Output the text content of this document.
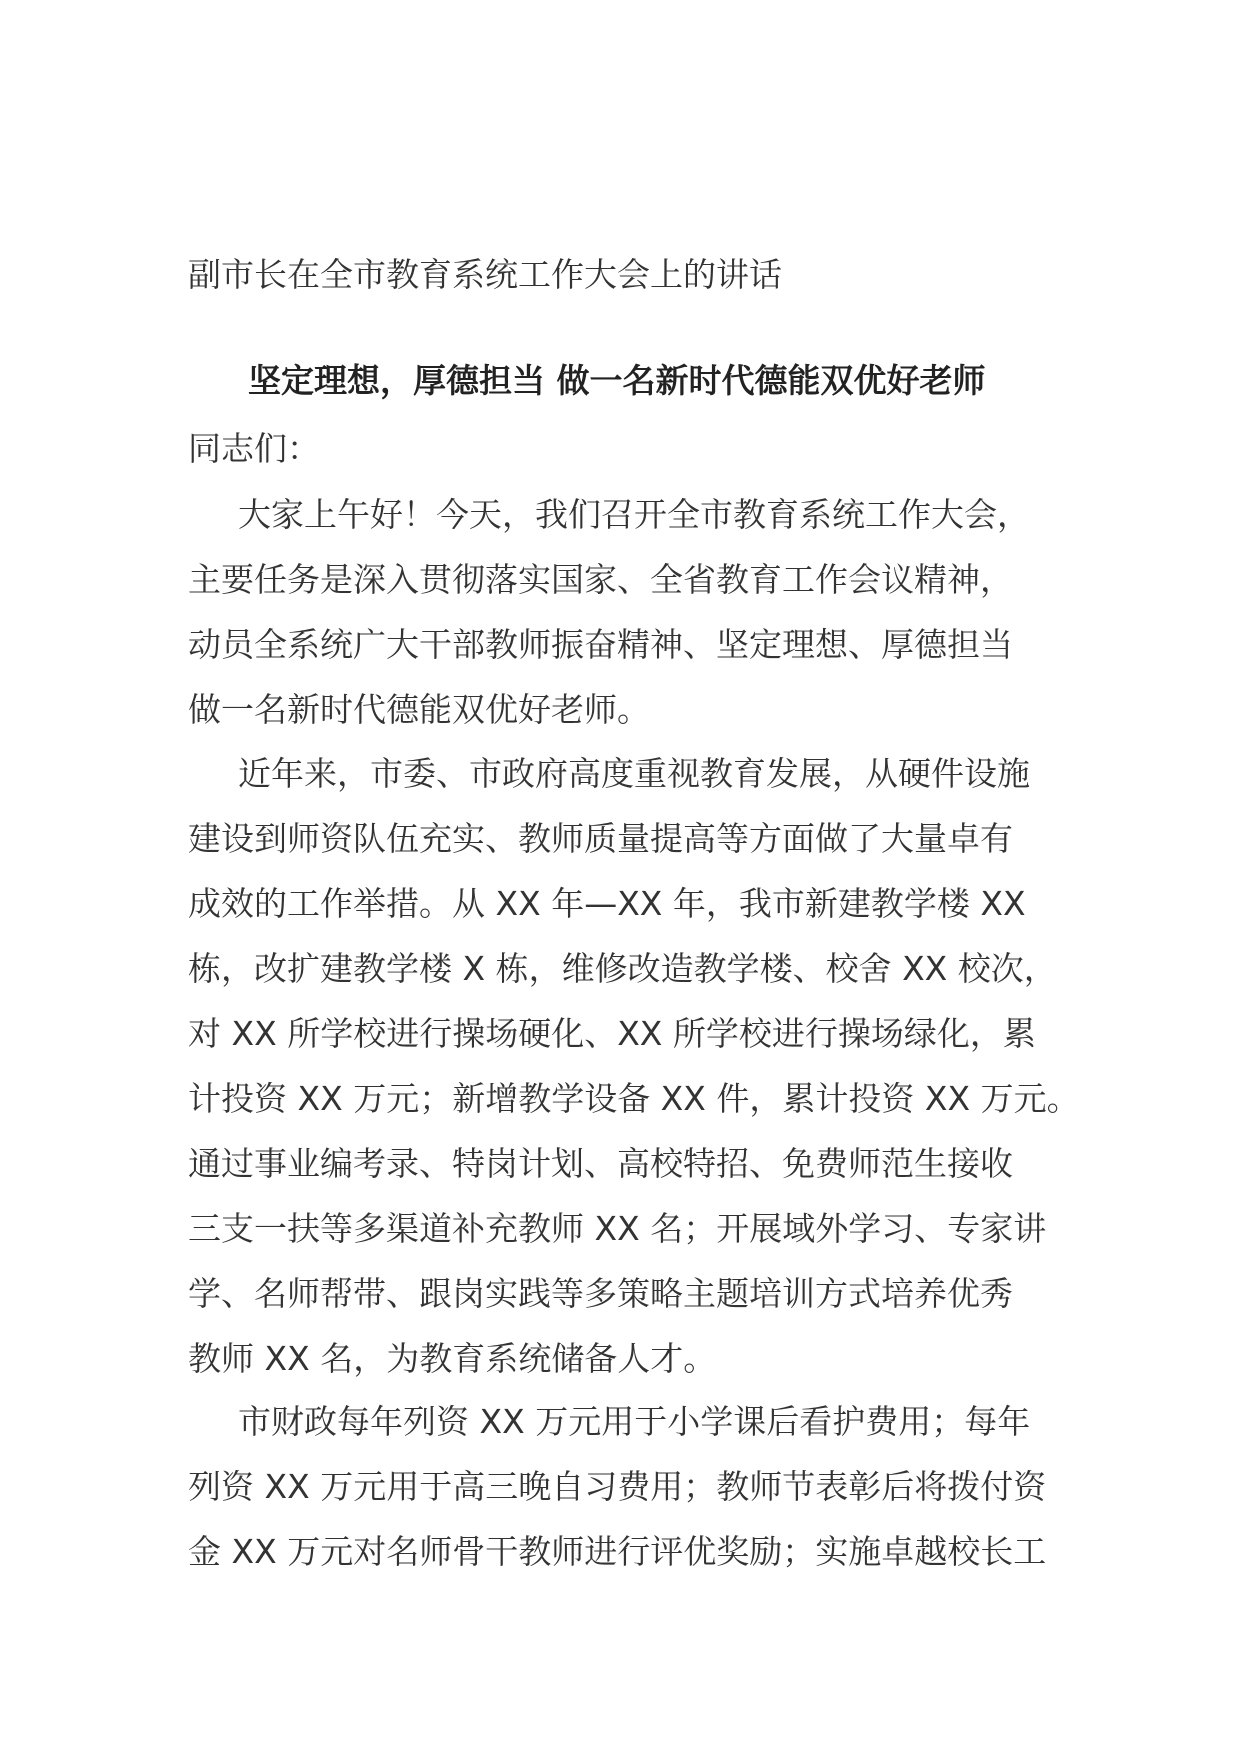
副市长在全市教育系统工作大会上的讲话
坚定理想，厚德担当 做一名新时代德能双优好老师

同志们：

大家上午好！今天，我们召开全市教育系统工作大会，
主要任务是深入贯彻落实国家、全省教育工作会议精神，
动员全系统广大干部教师振奋精神、坚定理想、厚德担当
做一名新时代德能双优好老师。
近年来，市委、市政府高度重视教育发展，从硬件设施
建设到师资队伍充实、教师质量提高等方面做了大量卓有
成效的工作举措。从 XX 年—XX 年，我市新建教学楼 XX
栋，改扩建教学楼 X 栋，维修改造教学楼、校舍 XX 校次，
对 XX 所学校进行操场硬化、XX 所学校进行操场绿化，累
计投资 XX 万元；新增教学设备 XX 件，累计投资 XX 万元。
通过事业编考录、特岗计划、高校特招、免费师范生接收
三支一扶等多渠道补充教师 XX 名；开展域外学习、专家讲
学、名师帮带、跟岗实践等多策略主题培训方式培养优秀
教师 XX 名，为教育系统储备人才。
市财政每年列资 XX 万元用于小学课后看护费用；每年
列资 XX 万元用于高三晚自习费用；教师节表彰后将拨付资
金 XX 万元对名师骨干教师进行评优奖励；实施卓越校长工
